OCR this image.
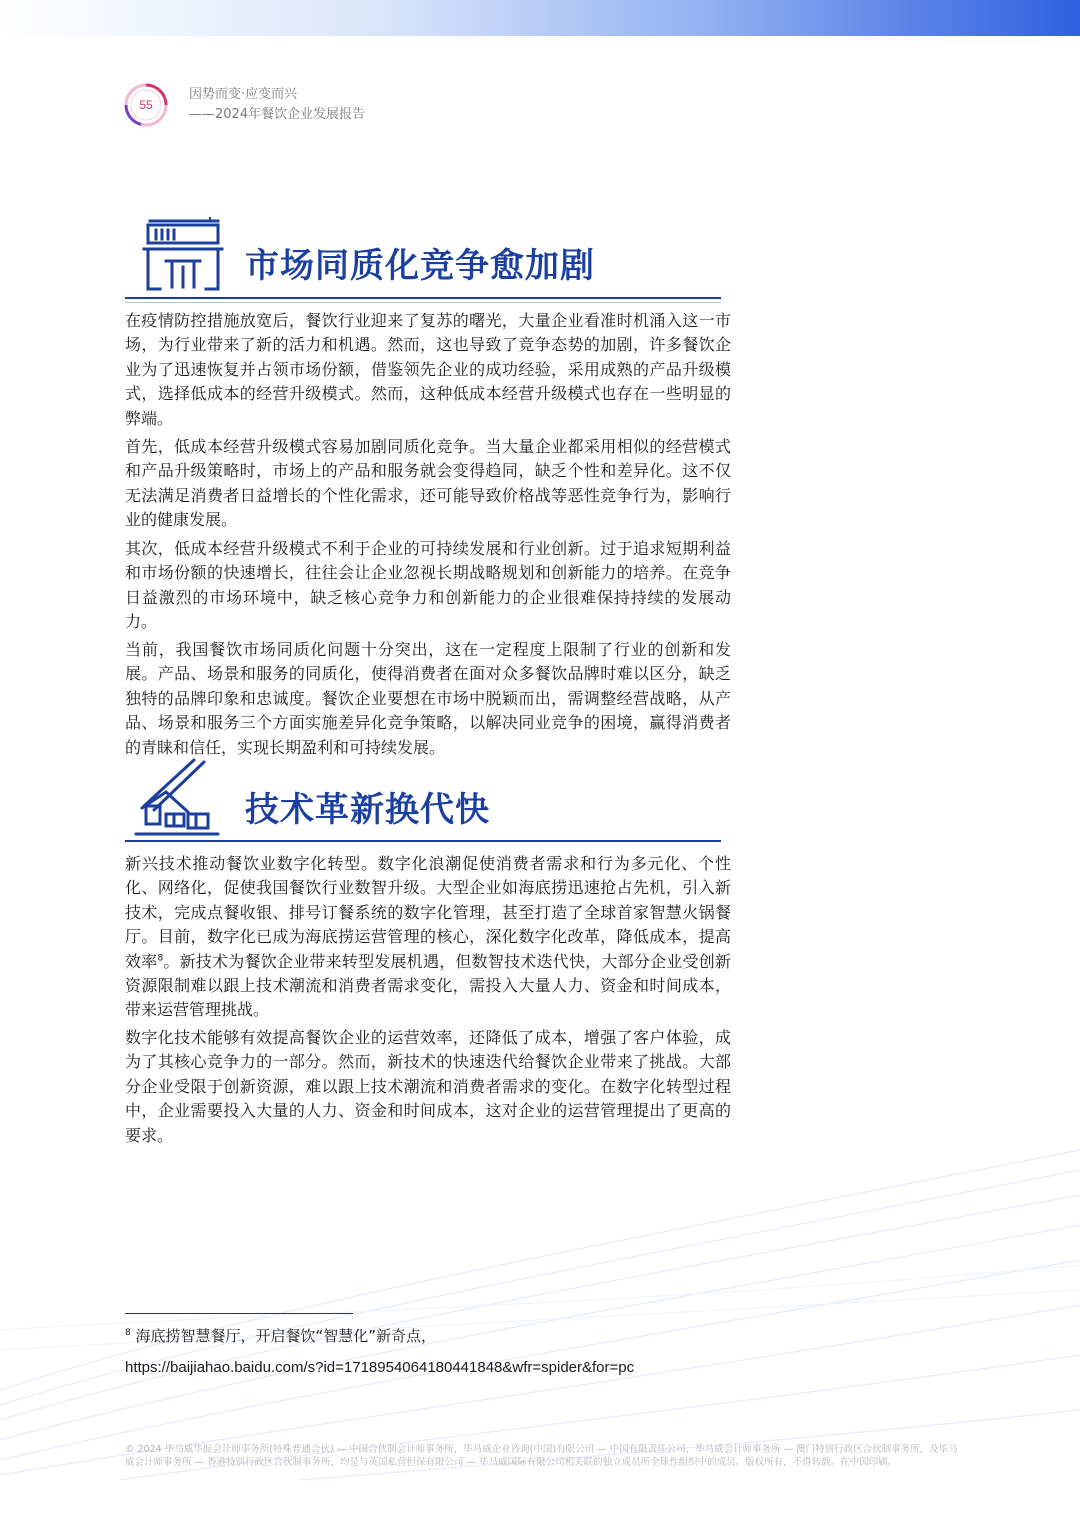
55
因势而变·应变而兴
——2024年餐饮企业发展报告
市场同质化竞争愈加剧

在疫情防控措施放宽后，餐饮行业迎来了复苏的曙光，大量企业看准时机涌入这一市场，为行业带来了新的活力和机遇。然而，这也导致了竞争态势的加剧，许多餐饮企业为了迅速恢复并占领市场份额，借鉴领先企业的成功经验，采用成熟的产品升级模式，选择低成本的经营升级模式。然而，这种低成本经营升级模式也存在一些明显的弊端。

首先，低成本经营升级模式容易加剧同质化竞争。当大量企业都采用相似的经营模式和产品升级策略时，市场上的产品和服务就会变得趋同，缺乏个性和差异化。这不仅无法满足消费者日益增长的个性化需求，还可能导致价格战等恶性竞争行为，影响行业的健康发展。

其次，低成本经营升级模式不利于企业的可持续发展和行业创新。过于追求短期利益和市场份额的快速增长，往往会让企业忽视长期战略规划和创新能力的培养。在竞争日益激烈的市场环境中，缺乏核心竞争力和创新能力的企业很难保持持续的发展动力。

当前，我国餐饮市场同质化问题十分突出，这在一定程度上限制了行业的创新和发展。产品、场景和服务的同质化，使得消费者在面对众多餐饮品牌时难以区分，缺乏独特的品牌印象和忠诚度。餐饮企业要想在市场中脱颖而出，需调整经营战略，从产品、场景和服务三个方面实施差异化竞争策略，以解决同业竞争的困境，赢得消费者的青睐和信任，实现长期盈利和可持续发展。

技术革新换代快

新兴技术推动餐饮业数字化转型。数字化浪潮促使消费者需求和行为多元化、个性化、网络化，促使我国餐饮行业数智升级。大型企业如海底捞迅速抢占先机，引入新技术，完成点餐收银、排号订餐系统的数字化管理，甚至打造了全球首家智慧火锅餐厅。目前，数字化已成为海底捞运营管理的核心，深化数字化改革，降低成本，提高效率$^8$。新技术为餐饮企业带来转型发展机遇，但数智技术迭代快，大部分企业受创新资源限制难以跟上技术潮流和消费者需求变化，需投入大量人力、资金和时间成本，带来运营管理挑战。

数字化技术能够有效提高餐饮企业的运营效率，还降低了成本，增强了客户体验，成为了其核心竞争力的一部分。然而，新技术的快速迭代给餐饮企业带来了挑战。大部分企业受限于创新资源，难以跟上技术潮流和消费者需求的变化。在数字化转型过程中，企业需要投入大量的人力、资金和时间成本，这对企业的运营管理提出了更高的要求。

$^8$ 海底捞智慧餐厅，开启餐饮“智慧化”新奇点，
https://baijiahao.baidu.com/s?id=1718954064180441848&wfr=spider&for=pc
© 2024 毕马威华振会计师事务所(特殊普通合伙) — 中国合伙制会计师事务所，毕马威企业咨询(中国)有限公司 — 中国有限责任公司，毕马威会计师事务所 — 澳门特别行政区合伙制事务所，及毕马威会计师事务所 — 香港特别行政区合伙制事务所，均是与英国私营担保有限公司 — 毕马威国际有限公司相关联的独立成员所全球性组织中的成员。版权所有，不得转载。在中国印刷。
